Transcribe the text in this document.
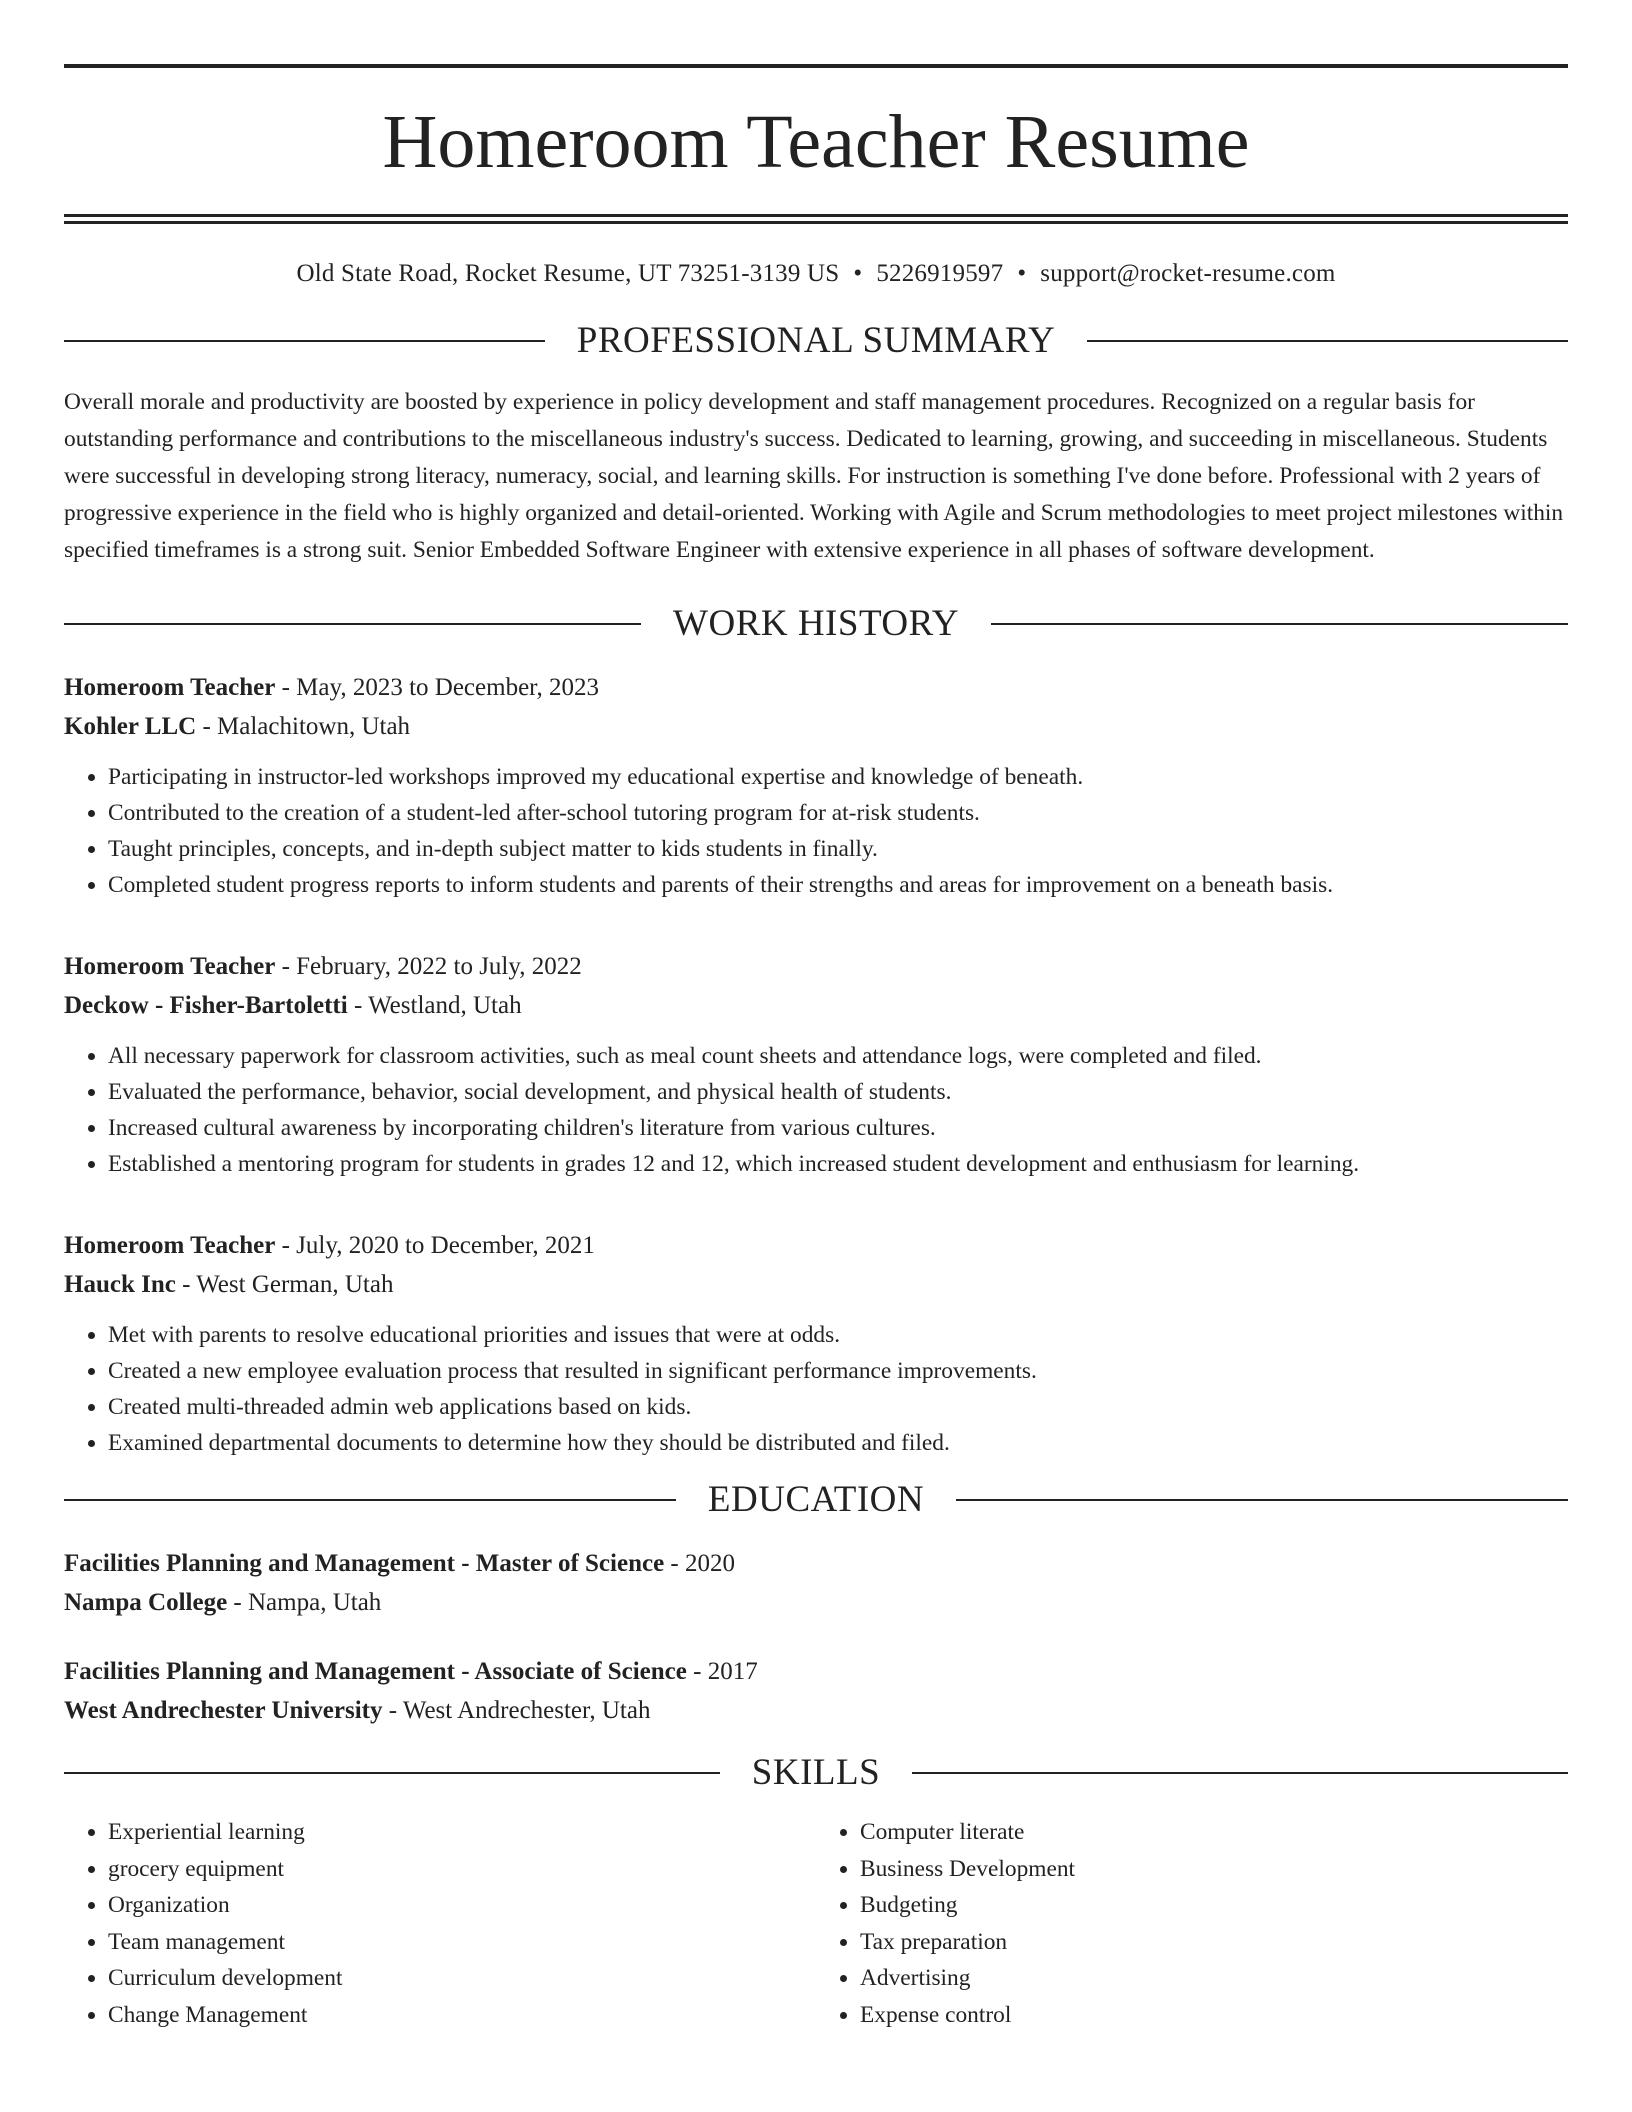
Homeroom Teacher Resume
Old State Road, Rocket Resume, UT 73251-3139 US • 5226919597 • support@rocket-resume.com
PROFESSIONAL SUMMARY
Overall morale and productivity are boosted by experience in policy development and staff management procedures. Recognized on a regular basis for outstanding performance and contributions to the miscellaneous industry's success. Dedicated to learning, growing, and succeeding in miscellaneous. Students were successful in developing strong literacy, numeracy, social, and learning skills. For instruction is something I've done before. Professional with 2 years of progressive experience in the field who is highly organized and detail-oriented. Working with Agile and Scrum methodologies to meet project milestones within specified timeframes is a strong suit. Senior Embedded Software Engineer with extensive experience in all phases of software development.
WORK HISTORY
Homeroom Teacher - May, 2023 to December, 2023
Kohler LLC - Malachitown, Utah
• Participating in instructor-led workshops improved my educational expertise and knowledge of beneath.
• Contributed to the creation of a student-led after-school tutoring program for at-risk students.
• Taught principles, concepts, and in-depth subject matter to kids students in finally.
• Completed student progress reports to inform students and parents of their strengths and areas for improvement on a beneath basis.
Homeroom Teacher - February, 2022 to July, 2022
Deckow - Fisher-Bartoletti - Westland, Utah
• All necessary paperwork for classroom activities, such as meal count sheets and attendance logs, were completed and filed.
• Evaluated the performance, behavior, social development, and physical health of students.
• Increased cultural awareness by incorporating children's literature from various cultures.
• Established a mentoring program for students in grades 12 and 12, which increased student development and enthusiasm for learning.
Homeroom Teacher - July, 2020 to December, 2021
Hauck Inc - West German, Utah
• Met with parents to resolve educational priorities and issues that were at odds.
• Created a new employee evaluation process that resulted in significant performance improvements.
• Created multi-threaded admin web applications based on kids.
• Examined departmental documents to determine how they should be distributed and filed.
EDUCATION
Facilities Planning and Management - Master of Science - 2020
Nampa College - Nampa, Utah
Facilities Planning and Management - Associate of Science - 2017
West Andrechester University - West Andrechester, Utah
SKILLS
• Experiential learning
• grocery equipment
• Organization
• Team management
• Curriculum development
• Change Management
• Computer literate
• Business Development
• Budgeting
• Tax preparation
• Advertising
• Expense control
